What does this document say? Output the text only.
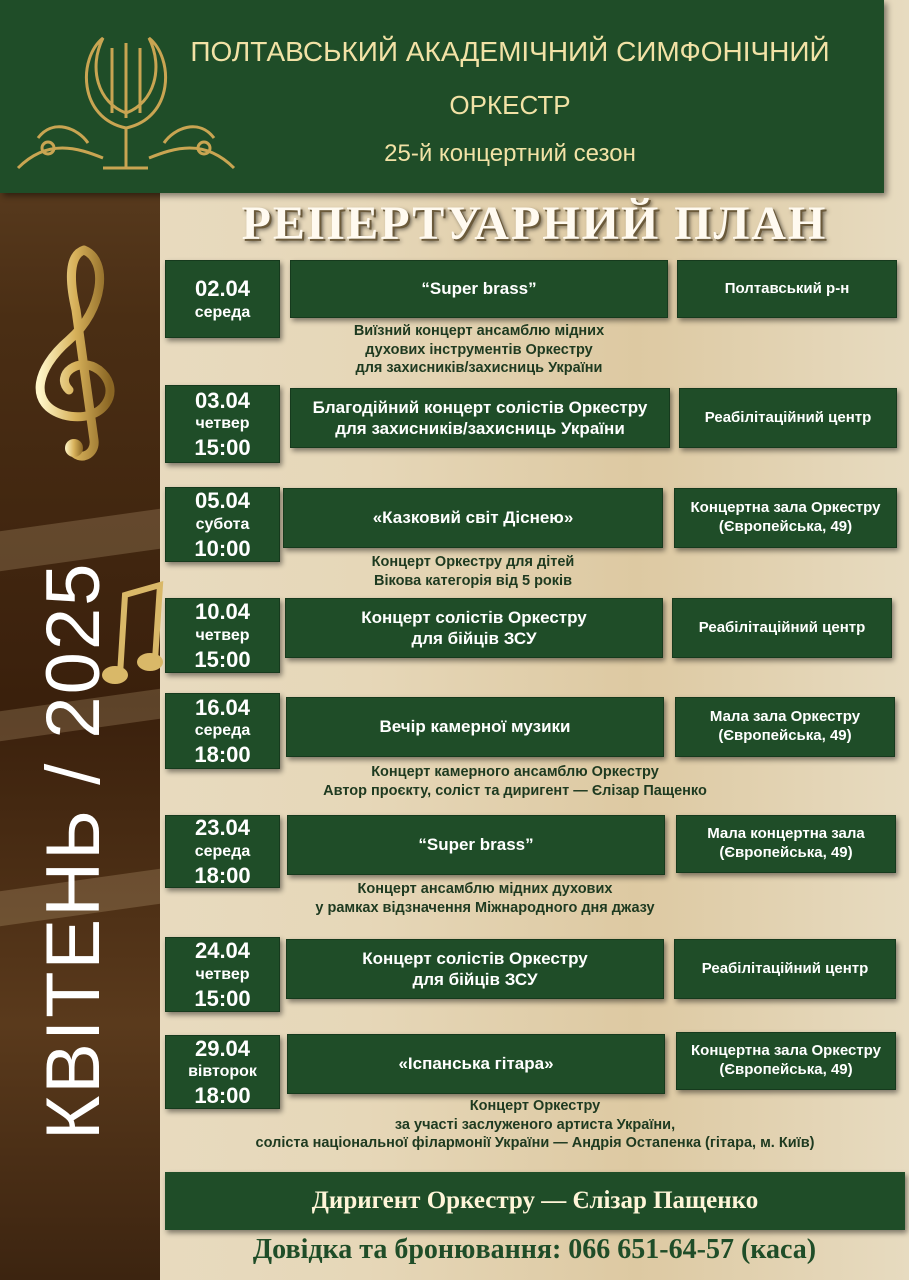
КВІТЕНЬ / 2025
ПОЛТАВСЬКИЙ АКАДЕМІЧНИЙ СИМФОНІЧНИЙ
ОРКЕСТР
25-й концертний сезон
РЕПЕРТУАРНИЙ ПЛАН
02.04
середа
“Super brass”	Полтавський р-н
Виїзний концерт ансамблю мідних
духових інструментів Оркестру
для захисників/захисниць України
03.04
четвер
15:00
Благодійний концерт солістів Оркестру для захисників/захисниць України
Реабілітаційний центр
05.04
субота
10:00
«Казковий світ Діснею»
Концертна зала Оркестру (Європейська, 49)
Концерт Оркестру для дітей
Вікова категорія від 5 років
10.04
четвер
15:00
Концерт солістів Оркестру для бійців ЗСУ
Реабілітаційний центр
16.04
середа
18:00
Вечір камерної музики
Мала зала Оркестру (Європейська, 49)
Концерт камерного ансамблю Оркестру
Автор проєкту, соліст та диригент — Єлізар Пащенко
23.04
середа
18:00
“Super brass”
Мала концертна зала (Європейська, 49)
Концерт ансамблю мідних духових
у рамках відзначення Міжнародного дня джазу
24.04
четвер
15:00
Концерт солістів Оркестру для бійців ЗСУ
Реабілітаційний центр
29.04
вівторок
18:00
«Іспанська гітара»
Концертна зала Оркестру (Європейська, 49)
Концерт Оркестру
за участі заслуженого артиста України,
соліста національної філармонії України — Андрія Остапенка (гітара, м. Київ)
Диригент Оркестру — Єлізар Пащенко
Довідка та бронювання: 066 651-64-57 (каса)
